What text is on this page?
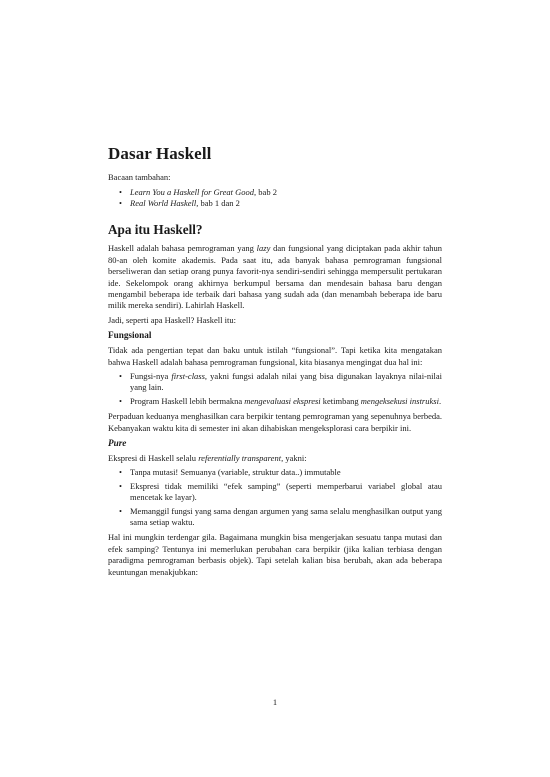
Dasar Haskell

Bacaan tambahan:

• Learn You a Haskell for Great Good, bab 2
• Real World Haskell, bab 1 dan 2
Apa itu Haskell?

Haskell adalah bahasa pemrograman yang lazy dan fungsional yang diciptakan pada akhir tahun 80-an oleh komite akademis. Pada saat itu, ada banyak bahasa pemrograman fungsional berseliweran dan setiap orang punya favorit-nya sendiri-sendiri sehingga mempersulit pertukaran ide. Sekelompok orang akhirnya berkumpul bersama dan mendesain bahasa baru dengan mengambil beberapa ide terbaik dari bahasa yang sudah ada (dan menambah beberapa ide baru milik mereka sendiri). Lahirlah Haskell.

Jadi, seperti apa Haskell? Haskell itu:

Fungsional

Tidak ada pengertian tepat dan baku untuk istilah “fungsional”. Tapi ketika kita mengatakan bahwa Haskell adalah bahasa pemrograman fungsional, kita biasanya mengingat dua hal ini:

• Fungsi-nya first-class, yakni fungsi adalah nilai yang bisa digunakan layaknya nilai-nilai yang lain.
• Program Haskell lebih bermakna mengevaluasi ekspresi ketimbang mengeksekusi instruksi.

Perpaduan keduanya menghasilkan cara berpikir tentang pemrograman yang sepenuhnya berbeda. Kebanyakan waktu kita di semester ini akan dihabiskan mengeksplorasi cara berpikir ini.

Pure

Ekspresi di Haskell selalu referentially transparent, yakni:

• Tanpa mutasi! Semuanya (variable, struktur data..) immutable
• Ekspresi tidak memiliki “efek samping” (seperti memperbarui variabel global atau mencetak ke layar).
• Memanggil fungsi yang sama dengan argumen yang sama selalu menghasilkan output yang sama setiap waktu.

Hal ini mungkin terdengar gila. Bagaimana mungkin bisa mengerjakan sesuatu tanpa mutasi dan efek samping? Tentunya ini memerlukan perubahan cara berpikir (jika kalian terbiasa dengan paradigma pemrograman berbasis objek). Tapi setelah kalian bisa berubah, akan ada beberapa keuntungan menakjubkan:

1
